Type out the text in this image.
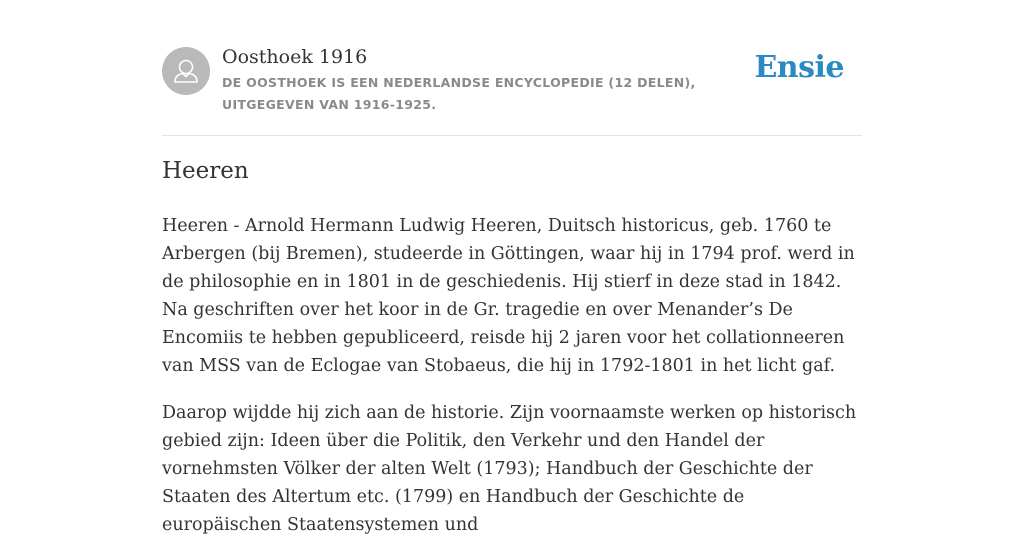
Oosthoek 1916
DE OOSTHOEK IS EEN NEDERLANDSE ENCYCLOPEDIE (12 DELEN), UITGEGEVEN VAN 1916-1925.
Ensie
Heeren

Heeren - Arnold Hermann Ludwig Heeren, Duitsch historicus, geb. 1760 te Arbergen (bij Bremen), studeerde in Göttingen, waar hij in 1794 prof. werd in de philosophie en in 1801 in de geschiedenis. Hij stierf in deze stad in 1842. Na geschriften over het koor in de Gr. tragedie en over Menander’s De Encomiis te hebben gepubliceerd, reisde hij 2 jaren voor het collationneeren van MSS van de Eclogae van Stobaeus, die hij in 1792-1801 in het licht gaf.

Daarop wijdde hij zich aan de historie. Zijn voornaamste werken op historisch gebied zijn: Ideen über die Politik, den Verkehr und den Handel der vornehmsten Völker der alten Welt (1793); Handbuch der Geschichte der Staaten des Altertum etc. (1799) en Handbuch der Geschichte de europäischen Staatensystemen und
